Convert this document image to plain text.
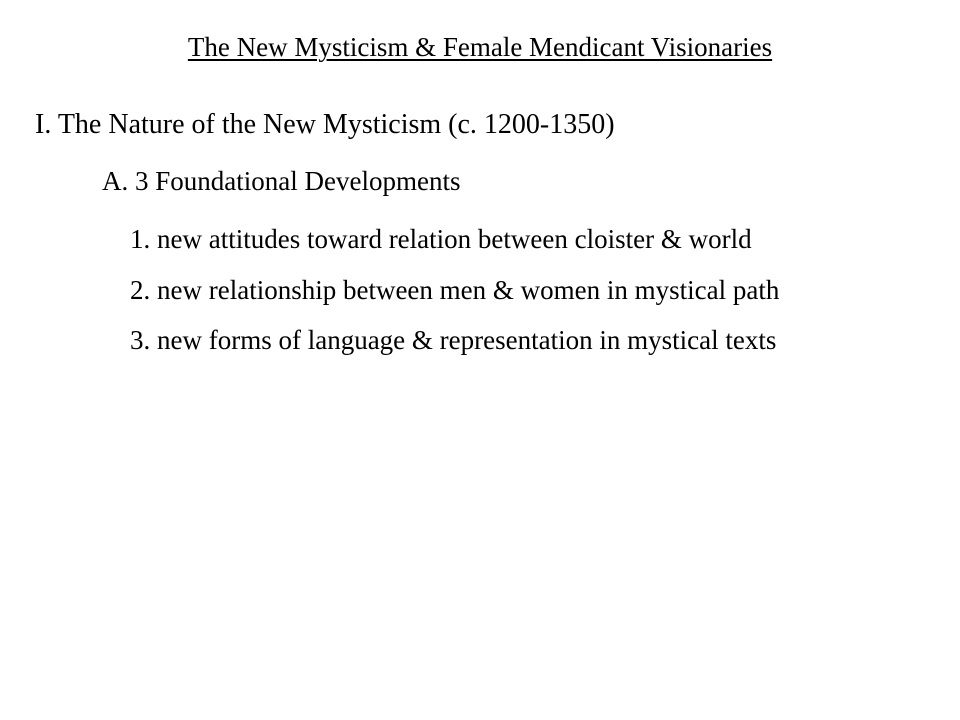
The New Mysticism & Female Mendicant Visionaries
I. The Nature of the New Mysticism (c. 1200-1350)
A. 3 Foundational Developments
1. new attitudes toward relation between cloister & world
2. new relationship between men & women in mystical path
3. new forms of language & representation in mystical texts
